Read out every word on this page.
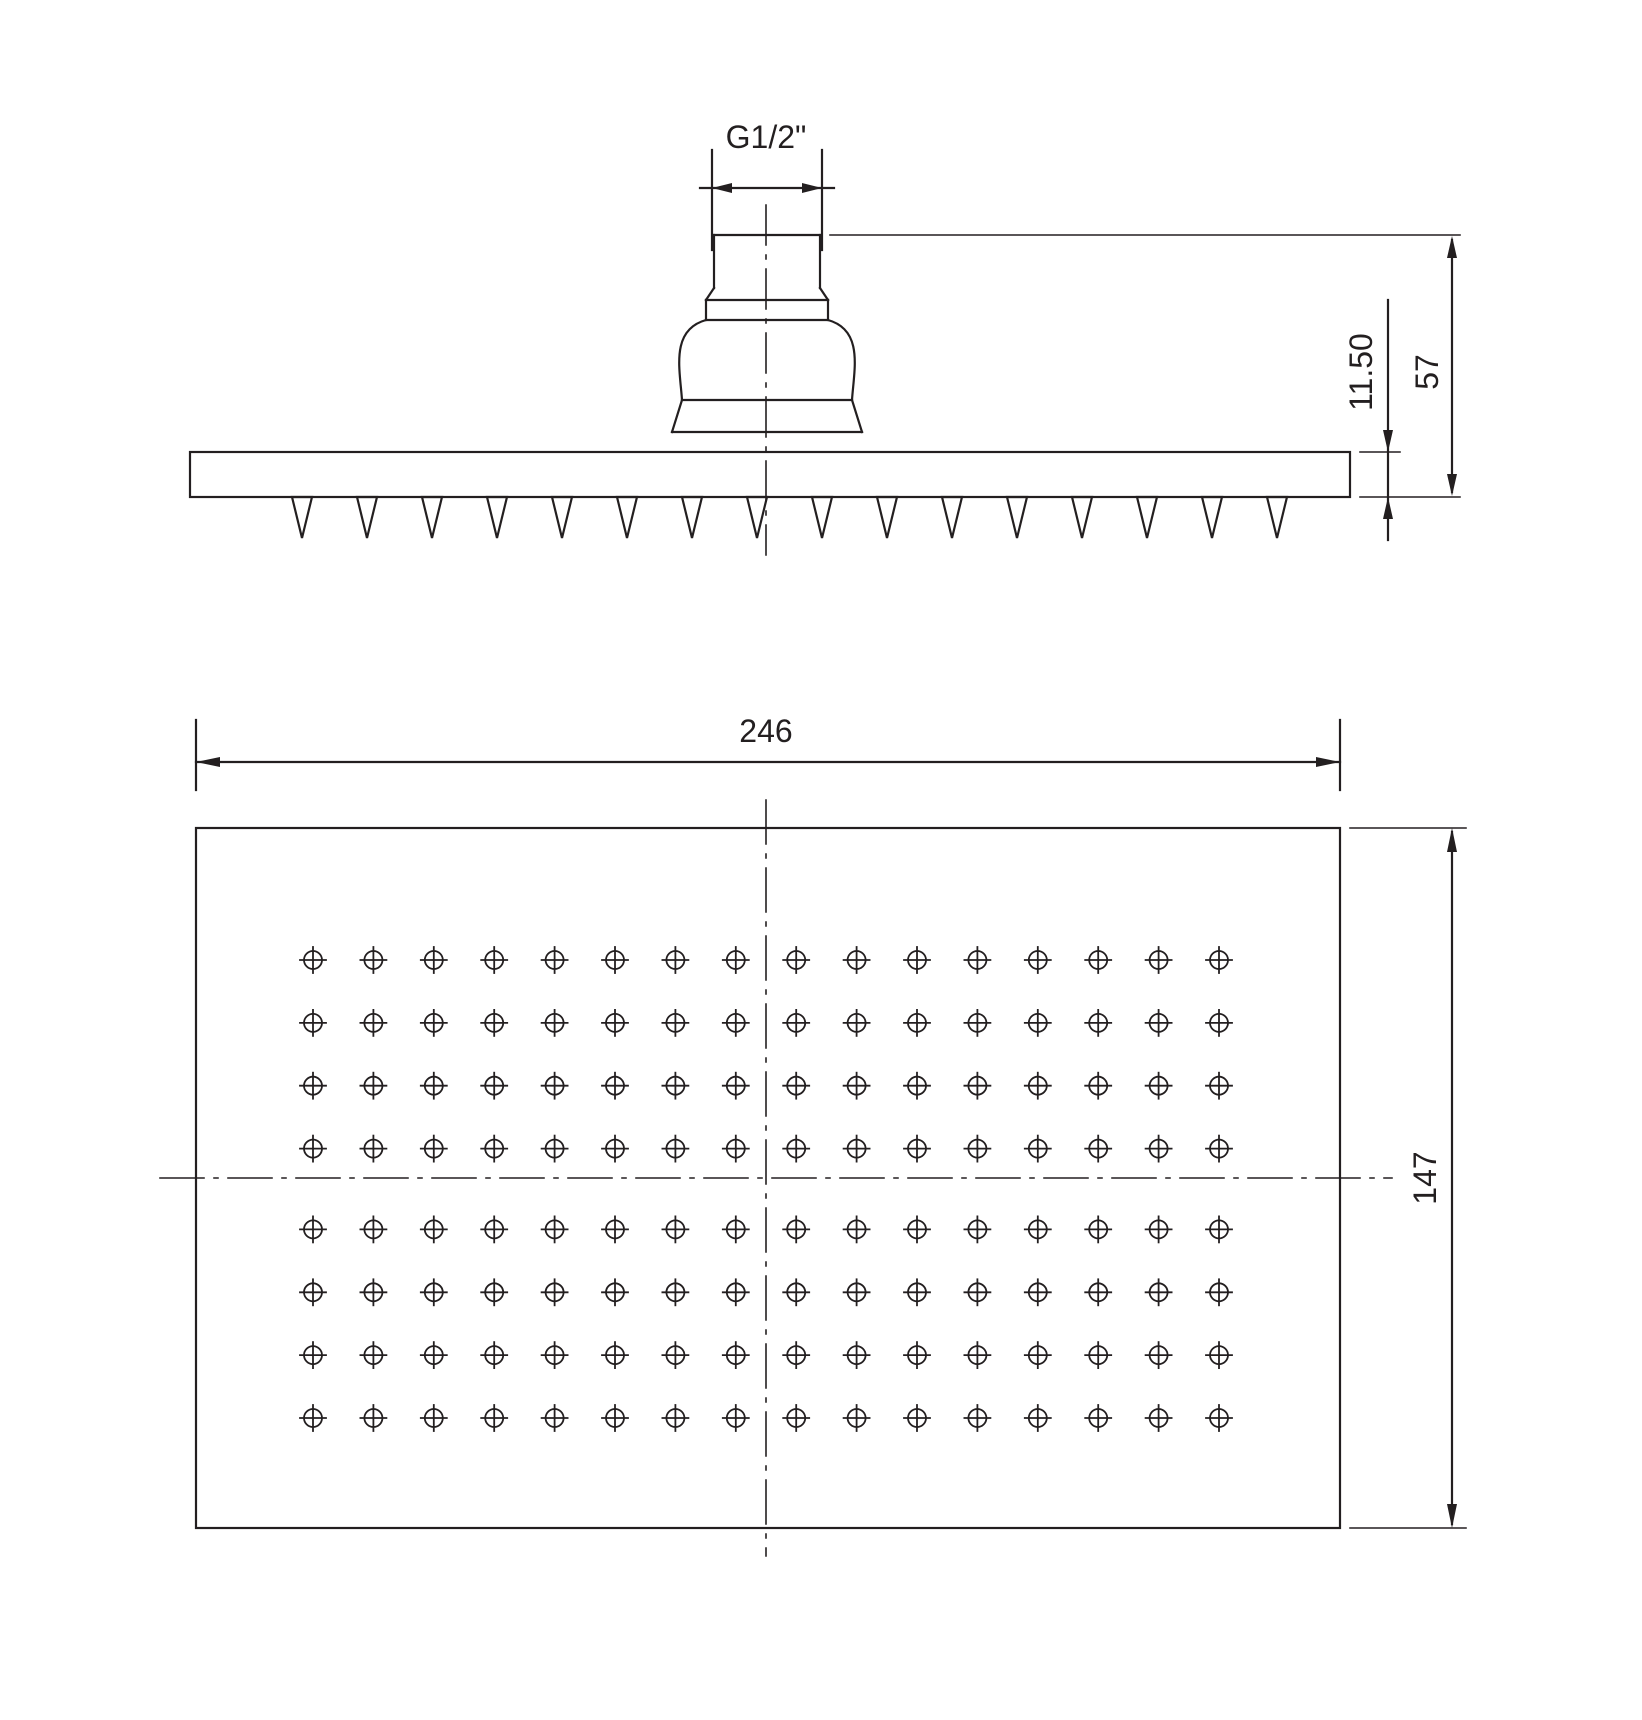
G1/2"
246
57
11.50
147
